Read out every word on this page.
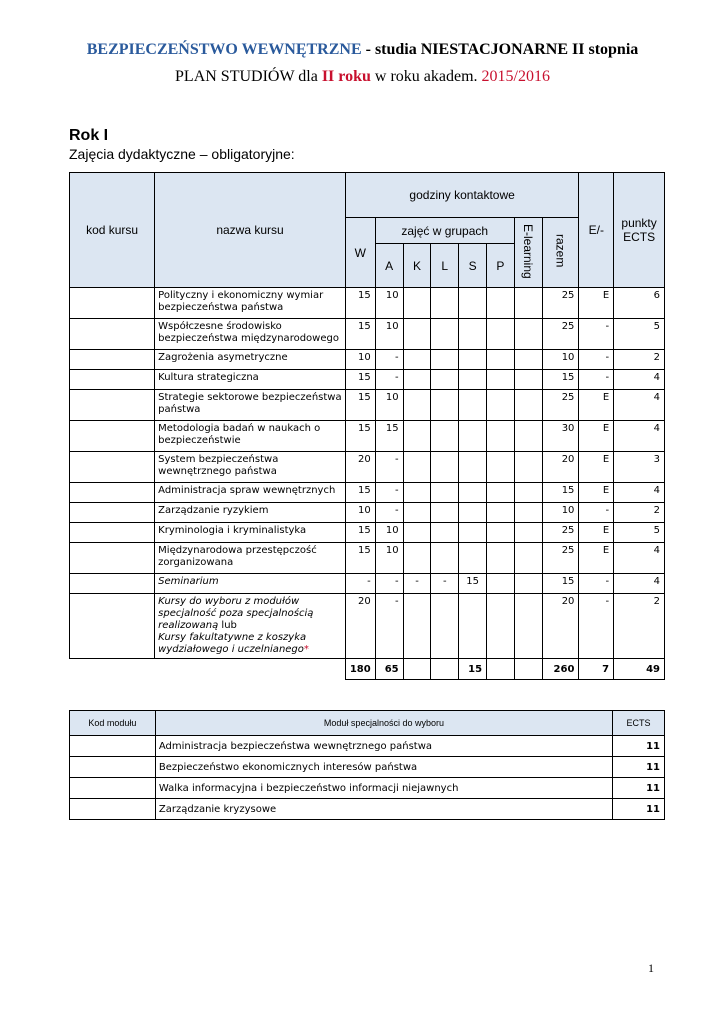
BEZPIECZEŃSTWO WEWNĘTRZNE - studia NIESTACJONARNE II stopnia
PLAN STUDIÓW dla II roku w roku akadem. 2015/2016
Rok I
Zajęcia dydaktyczne – obligatoryjne:
kod kursu	nazwa kursu	godziny kontaktowe								E/-	punkty ECTS
		W	zajęć w grupach					E-learning	razem		
			A	K	L	S	P				
	Polityczny i ekonomiczny wymiar bezpieczeństwa państwa	15	10						25	E	6
	Współczesne środowisko bezpieczeństwa międzynarodowego	15	10						25	-	5
	Zagrożenia asymetryczne	10	-						10	-	2
	Kultura strategiczna	15	-						15	-	4
	Strategie sektorowe bezpieczeństwa państwa	15	10						25	E	4
	Metodologia badań w naukach o bezpieczeństwie	15	15						30	E	4
	System bezpieczeństwa wewnętrznego państwa	20	-						20	E	3
	Administracja spraw wewnętrznych	15	-						15	E	4
	Zarządzanie ryzykiem	10	-						10	-	2
	Kryminologia i kryminalistyka	15	10						25	E	5
	Międzynarodowa przestępczość zorganizowana	15	10						25	E	4
	Seminarium	-	-	-	-	15			15	-	4
	Kursy do wyboru z modułów specjalność poza specjalnością realizowaną lub
Kursy fakultatywne z koszyka wydziałowego i uczelnianego*	20	-						20	-	2
		180	65			15			260	7	49
Kod modułu	Moduł specjalności do wyboru	ECTS
	Administracja bezpieczeństwa wewnętrznego państwa	11
	Bezpieczeństwo ekonomicznych interesów państwa	11
	Walka informacyjna i bezpieczeństwo informacji niejawnych	11
	Zarządzanie kryzysowe	11
1
